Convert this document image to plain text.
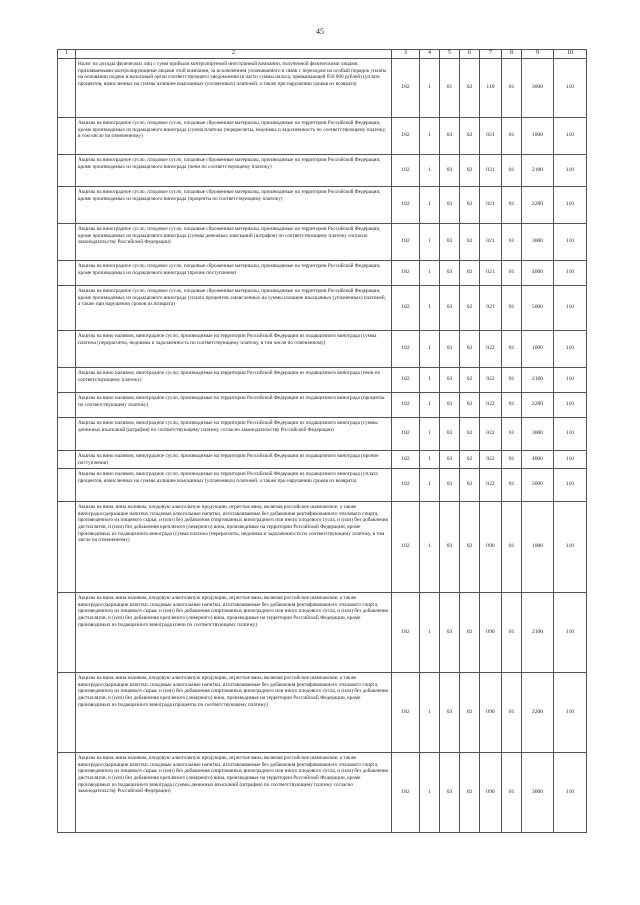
45
1	2	3	4	5	6	7	8	9	10
	Налог на доходы физических лиц с сумм прибыли контролируемой иностранной компании, полученной физическими лицами, признаваемыми контролирующими лицами этой компании, за исключением уплачиваемого в связи с переходом на особый порядок уплаты на основании подачи в налоговый орган соответствующего уведомления (в части суммы налога, превышающей 650 000 рублей) (уплата процентов, начисленных на суммы излишне взысканных (уплаченных) платежей, а также при нарушении сроков их возврата)	182	1	01	02	110	01	3000	110
	Акцизы на виноградное сусло, плодовое сусло, плодовые сброженные материалы, производимые на территории Российской Федерации, кроме производимых из подакцизного винограда (сумма платежа (перерасчеты, недоимка и задолженность по соответствующему платежу, в том числе по отмененному)	182	1	03	02	021	01	1000	110
	Акцизы на виноградное сусло, плодовое сусло, плодовые сброженные материалы, производимые на территории Российской Федерации, кроме производимых из подакцизного винограда (пени по соответствующему платежу)	182	1	03	02	021	01	2100	110
	Акцизы на виноградное сусло, плодовое сусло, плодовые сброженные материалы, производимые на территории Российской Федерации, кроме производимых из подакцизного винограда (проценты по соответствующему платежу)	182	1	03	02	021	01	2200	110
	Акцизы на виноградное сусло, плодовое сусло, плодовые сброженные материалы, производимые на территории Российской Федерации, кроме производимых из подакцизного винограда (суммы денежных взысканий (штрафов) по соответствующему платежу согласно законодательству Российской Федерации)	182	1	03	02	021	01	3000	110
	Акцизы на виноградное сусло, плодовое сусло, плодовые сброженные материалы, производимые на территории Российской Федерации, кроме производимых из подакцизного винограда (прочие поступления)	182	1	03	02	021	01	4000	110
	Акцизы на виноградное сусло, плодовое сусло, плодовые сброженные материалы, производимые на территории Российской Федерации, кроме производимых из подакцизного винограда (уплата процентов, начисленных на суммы излишне взысканных (уплаченных) платежей, а также при нарушении сроков их возврата)	182	1	03	02	021	01	5000	110
	Акцизы на вино наливом, виноградное сусло, производимые на территории Российской Федерации из подакцизного винограда (сумма платежа (перерасчеты, недоимка и задолженность по соответствующему платежу, в том числе по отмененному)	182	1	03	02	022	01	1000	110
	Акцизы на вино наливом, виноградное сусло, производимые на территории Российской Федерации из подакцизного винограда (пени по соответствующему платежу)	182	1	03	02	022	01	2100	110
	Акцизы на вино наливом, виноградное сусло, производимые на территории Российской Федерации из подакцизного винограда (проценты по соответствующему платежу)	182	1	03	02	022	01	2200	110
	Акцизы на вино наливом, виноградное сусло, производимые на территории Российской Федерации из подакцизного винограда (суммы денежных взысканий (штрафов) по соответствующему платежу согласно законодательству Российской Федерации)	182	1	03	02	022	01	3000	110
	Акцизы на вино наливом, виноградное сусло, производимые на территории Российской Федерации из подакцизного винограда (прочие поступления)	182	1	03	02	022	01	4000	110
	Акцизы на вино наливом, виноградное сусло, производимые на территории Российской Федерации из подакцизного винограда (уплата процентов, начисленных на суммы излишне взысканных (уплаченных) платежей, а также при нарушении сроков их возврата)	182	1	03	02	022	01	5000	110
	Акцизы на вина, вина наливом, плодовую алкогольную продукцию, игристые вина, включая российское шампанское, а также виноградосодержащие напитки, плодовые алкогольные напитки, изготавливаемые без добавления ректификованного этилового спирта, произведенного из пищевого сырья, и (или) без добавления спиртованных виноградного или иного плодового сусла, и (или) без добавления дистиллятов, и (или) без добавления крепленого (ликерного) вина, производимые на территории Российской Федерации, кроме производимых из подакцизного винограда (сумма платежа (перерасчеты, недоимка и задолженность по соответствующему платежу, в том числе по отмененному)	182	1	03	02	090	01	1000	110
	Акцизы на вина, вина наливом, плодовую алкогольную продукцию, игристые вина, включая российское шампанское, а также виноградосодержащие напитки, плодовые алкогольные напитки, изготавливаемые без добавления ректификованного этилового спирта, произведенного из пищевого сырья, и (или) без добавления спиртованных виноградного или иного плодового сусла, и (или) без добавления дистиллятов, и (или) без добавления крепленого (ликерного) вина, производимые на территории Российской Федерации, кроме производимых из подакцизного винограда (пени по соответствующему платежу)	182	1	03	02	090	01	2100	110
	Акцизы на вина, вина наливом, плодовую алкогольную продукцию, игристые вина, включая российское шампанское, а также виноградосодержащие напитки, плодовые алкогольные напитки, изготавливаемые без добавления ректификованного этилового спирта, произведенного из пищевого сырья, и (или) без добавления спиртованных виноградного или иного плодового сусла, и (или) без добавления дистиллятов, и (или) без добавления крепленого (ликерного) вина, производимые на территории Российской Федерации, кроме производимых из подакцизного винограда (проценты по соответствующему платежу)	182	1	03	02	090	01	2200	110
	Акцизы на вина, вина наливом, плодовую алкогольную продукцию, игристые вина, включая российское шампанское, а также виноградосодержащие напитки, плодовые алкогольные напитки, изготавливаемые без добавления ректификованного этилового спирта, произведенного из пищевого сырья, и (или) без добавления спиртованных виноградного или иного плодового сусла, и (или) без добавления дистиллятов, и (или) без добавления крепленого (ликерного) вина, производимые на территории Российской Федерации, кроме производимых из подакцизного винограда (суммы денежных взысканий (штрафов) по соответствующему платежу согласно законодательству Российской Федерации)	182	1	03	02	090	01	3000	110
